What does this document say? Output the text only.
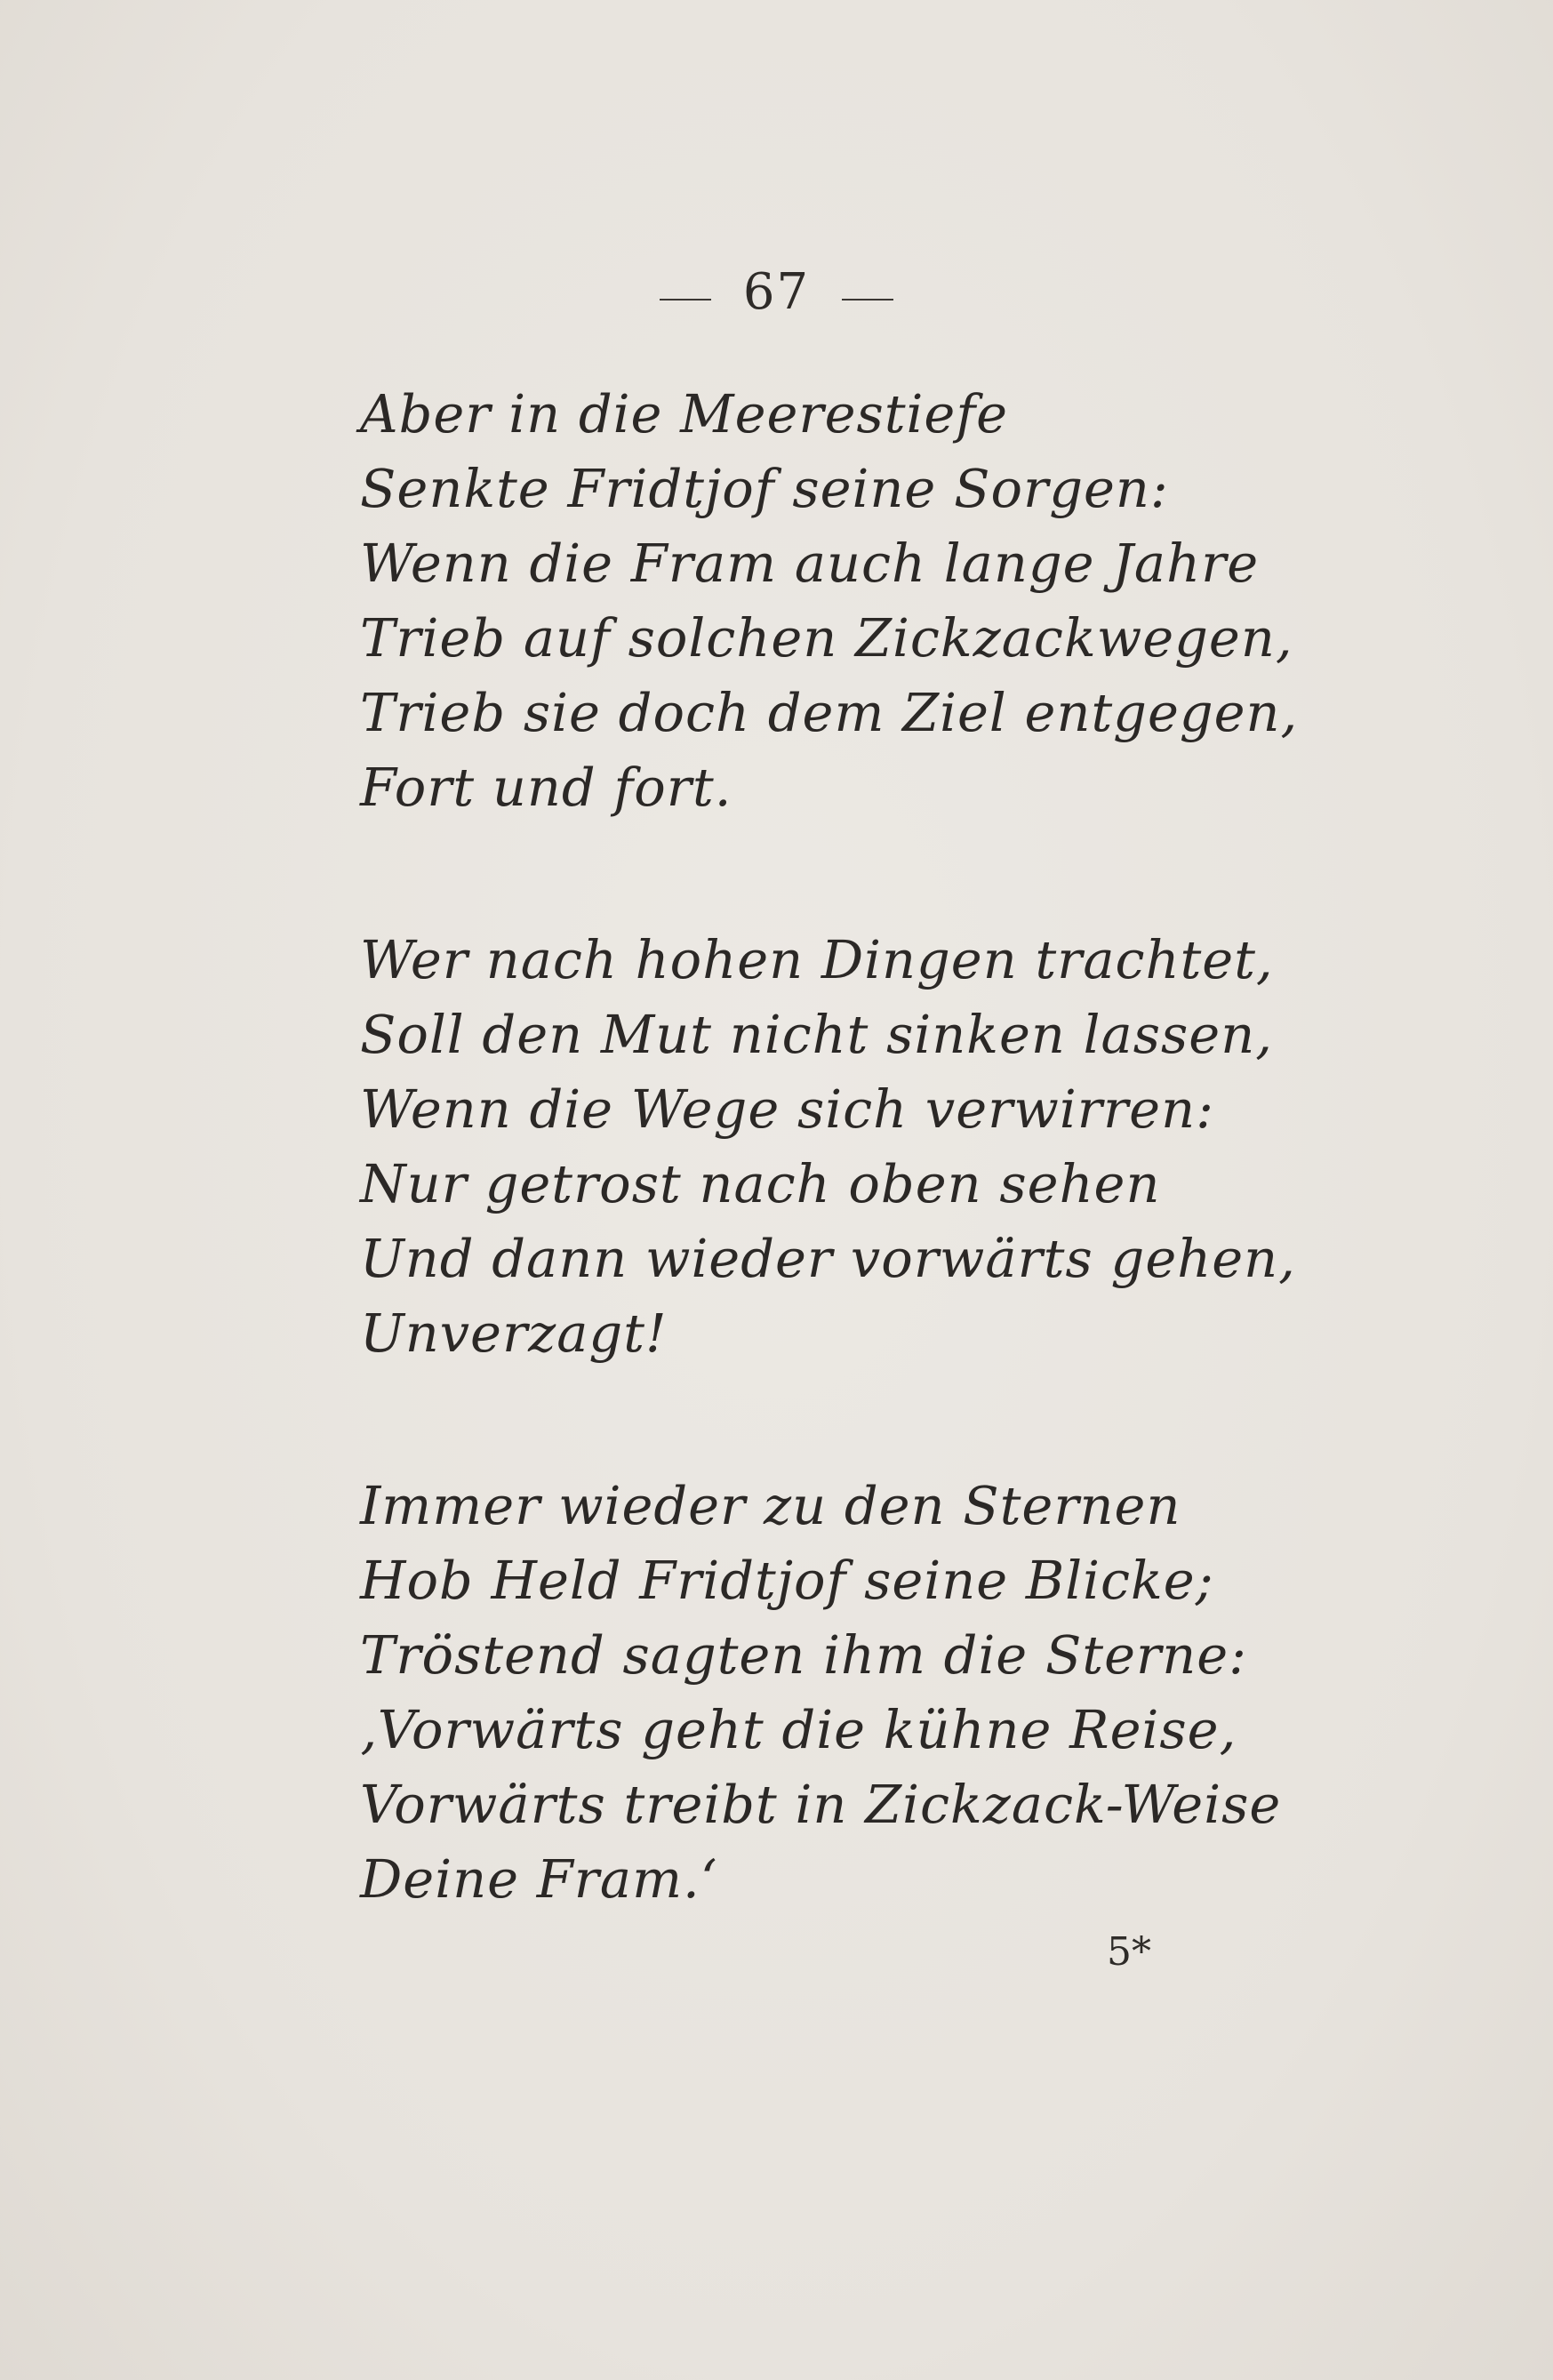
67
Aber in die Meerestiefe
Senkte Fridtjof seine Sorgen:
Wenn die Fram auch lange Jahre
Trieb auf solchen Zickzackwegen,
Trieb sie doch dem Ziel entgegen,
Fort und fort.
Wer nach hohen Dingen trachtet,
Soll den Mut nicht sinken lassen,
Wenn die Wege sich verwirren:
Nur getrost nach oben sehen
Und dann wieder vorwärts gehen,
Unverzagt!
Immer wieder zu den Sternen
Hob Held Fridtjof seine Blicke;
Tröstend sagten ihm die Sterne:
‚Vorwärts geht die kühne Reise,
Vorwärts treibt in Zickzack-Weise
Deine Fram.‘
5*
